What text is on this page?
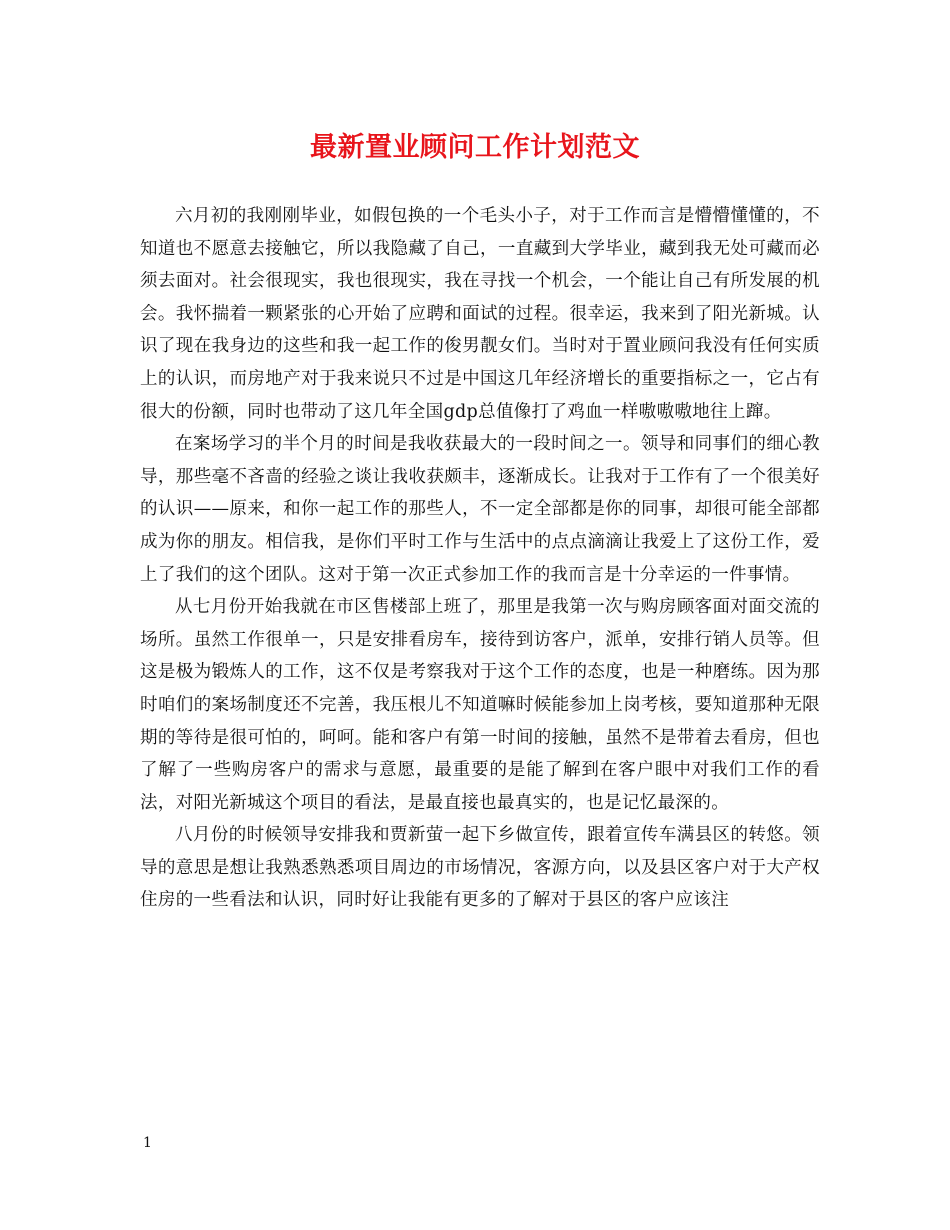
最新置业顾问工作计划范文

六月初的我刚刚毕业，如假包换的一个毛头小子，对于工作而言是懵懵懂懂的，不知道也不愿意去接触它，所以我隐藏了自己，一直藏到大学毕业，藏到我无处可藏而必须去面对。社会很现实，我也很现实，我在寻找一个机会，一个能让自己有所发展的机会。我怀揣着一颗紧张的心开始了应聘和面试的过程。很幸运，我来到了阳光新城。认识了现在我身边的这些和我一起工作的俊男靓女们。当时对于置业顾问我没有任何实质上的认识，而房地产对于我来说只不过是中国这几年经济增长的重要指标之一，它占有很大的份额，同时也带动了这几年全国gdp总值像打了鸡血一样嗷嗷嗷地往上蹿。

在案场学习的半个月的时间是我收获最大的一段时间之一。领导和同事们的细心教导，那些毫不吝啬的经验之谈让我收获颇丰，逐渐成长。让我对于工作有了一个很美好的认识——原来，和你一起工作的那些人，不一定全部都是你的同事，却很可能全部都成为你的朋友。相信我，是你们平时工作与生活中的点点滴滴让我爱上了这份工作，爱上了我们的这个团队。这对于第一次正式参加工作的我而言是十分幸运的一件事情。

从七月份开始我就在市区售楼部上班了，那里是我第一次与购房顾客面对面交流的场所。虽然工作很单一，只是安排看房车，接待到访客户，派单，安排行销人员等。但这是极为锻炼人的工作，这不仅是考察我对于这个工作的态度，也是一种磨练。因为那时咱们的案场制度还不完善，我压根儿不知道嘛时候能参加上岗考核，要知道那种无限期的等待是很可怕的，呵呵。能和客户有第一时间的接触，虽然不是带着去看房，但也了解了一些购房客户的需求与意愿，最重要的是能了解到在客户眼中对我们工作的看法，对阳光新城这个项目的看法，是最直接也最真实的，也是记忆最深的。

八月份的时候领导安排我和贾新萤一起下乡做宣传，跟着宣传车满县区的转悠。领导的意思是想让我熟悉熟悉项目周边的市场情况，客源方向，以及县区客户对于大产权住房的一些看法和认识，同时好让我能有更多的了解对于县区的客户应该注

1
